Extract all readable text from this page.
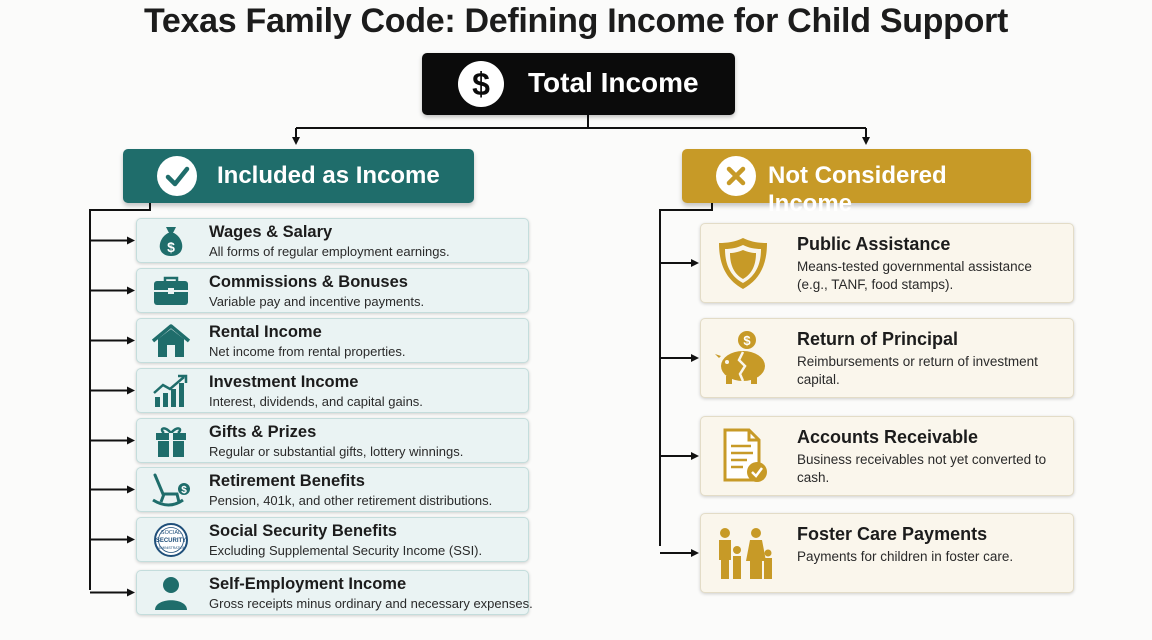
Texas Family Code: Defining Income for Child Support
$	Total Income
Included as Income	Not Considered Income
$
Wages & Salary
All forms of regular employment earnings.
Commissions & Bonuses
Variable pay and incentive payments.
Rental Income
Net income from rental properties.
Investment Income
Interest, dividends, and capital gains.
Gifts & Prizes
Regular or substantial gifts, lottery winnings.
$
Retirement Benefits
Pension, 401k, and other retirement distributions.
SOCIAL
SECURITY
ADMINISTRATION
Social Security Benefits
Excluding Supplemental Security Income (SSI).
Self-Employment Income
Gross receipts minus ordinary and necessary expenses.
Public Assistance
Means-tested governmental assistance (e.g., TANF, food stamps).
$	Return of Principal
Reimbursements or return of investment capital.
Accounts Receivable
Business receivables not yet converted to cash.
Foster Care Payments
Payments for children in foster care.
